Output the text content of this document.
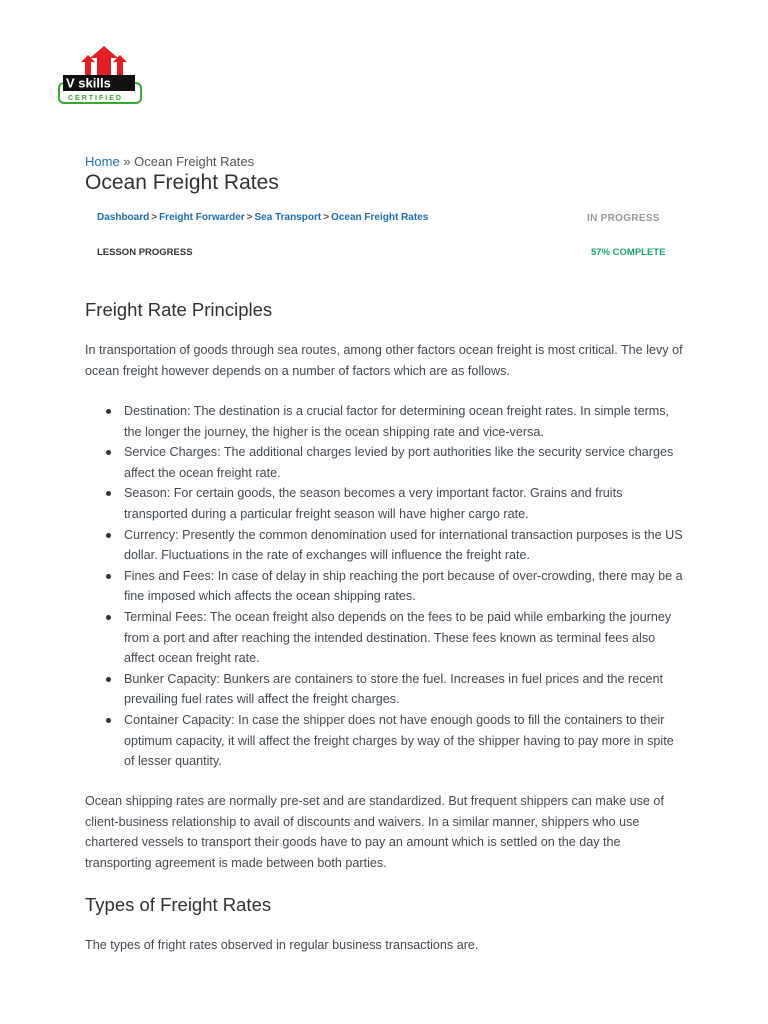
V skills
CERTIFIED
Home » Ocean Freight Rates
Ocean Freight Rates
Dashboard > Freight Forwarder > Sea Transport > Ocean Freight Rates	IN PROGRESS
LESSON PROGRESS	57% COMPLETE
Freight Rate Principles

In transportation of goods through sea routes, among other factors ocean freight is most critical. The levy of ocean freight however depends on a number of factors which are as follows.

Destination: The destination is a crucial factor for determining ocean freight rates. In simple terms, the longer the journey, the higher is the ocean shipping rate and vice-versa.
Service Charges: The additional charges levied by port authorities like the security service charges affect the ocean freight rate.
Season: For certain goods, the season becomes a very important factor. Grains and fruits transported during a particular freight season will have higher cargo rate.
Currency: Presently the common denomination used for international transaction purposes is the US dollar. Fluctuations in the rate of exchanges will influence the freight rate.
Fines and Fees: In case of delay in ship reaching the port because of over-crowding, there may be a fine imposed which affects the ocean shipping rates.
Terminal Fees: The ocean freight also depends on the fees to be paid while embarking the journey from a port and after reaching the intended destination. These fees known as terminal fees also affect ocean freight rate.
Bunker Capacity: Bunkers are containers to store the fuel. Increases in fuel prices and the recent prevailing fuel rates will affect the freight charges.
Container Capacity: In case the shipper does not have enough goods to fill the containers to their optimum capacity, it will affect the freight charges by way of the shipper having to pay more in spite of lesser quantity.

Ocean shipping rates are normally pre-set and are standardized. But frequent shippers can make use of client-business relationship to avail of discounts and waivers. In a similar manner, shippers who use chartered vessels to transport their goods have to pay an amount which is settled on the day the transporting agreement is made between both parties.

Types of Freight Rates

The types of fright rates observed in regular business transactions are.
